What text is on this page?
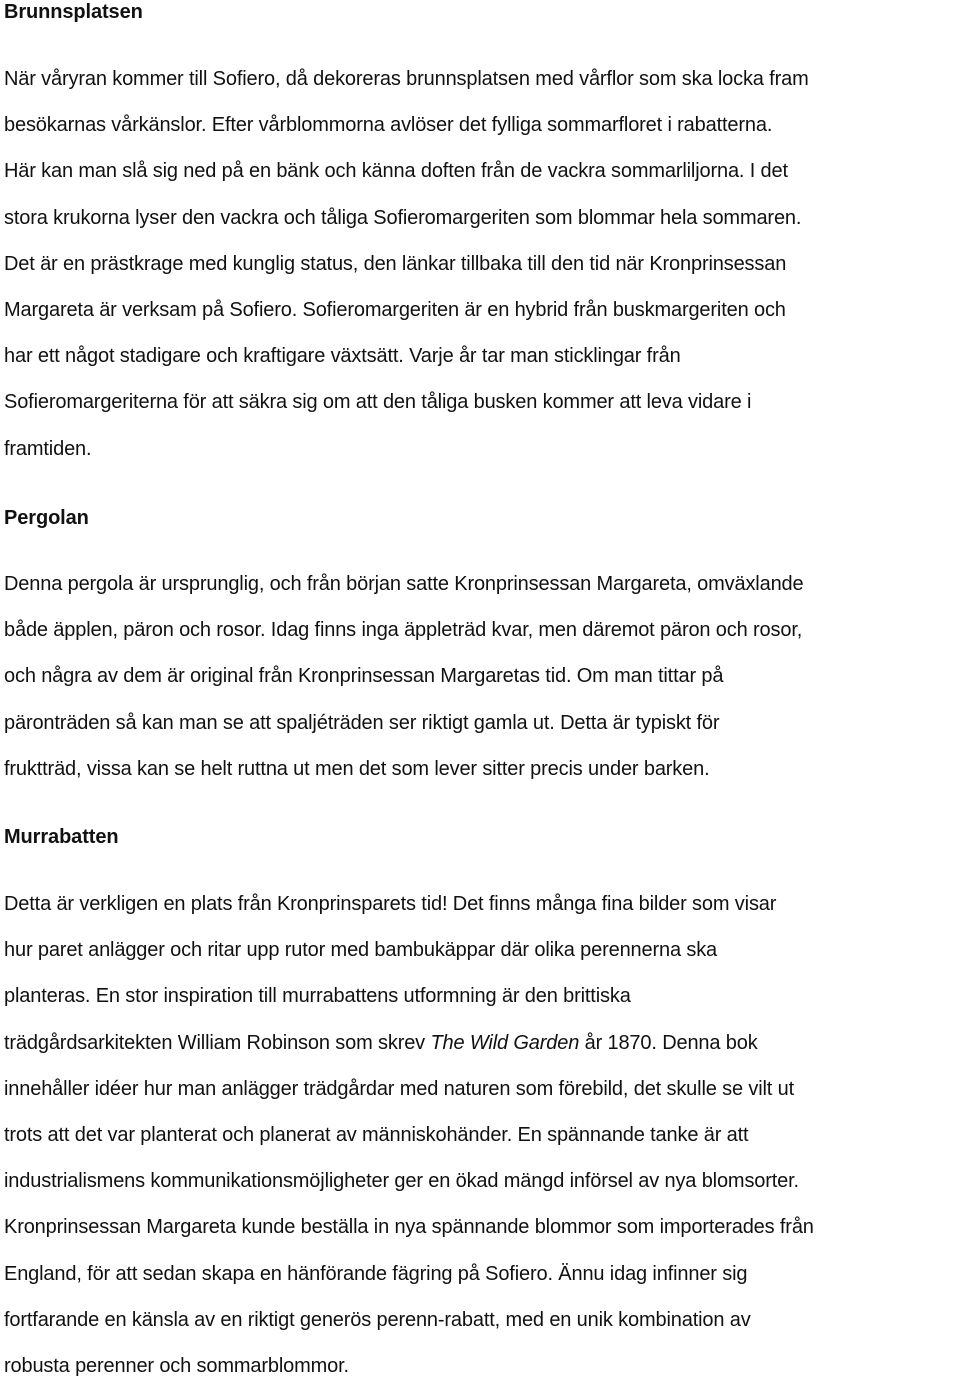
Brunnsplatsen
När våryran kommer till Sofiero, då dekoreras brunnsplatsen med vårflor som ska locka fram
besökarnas vårkänslor. Efter vårblommorna avlöser det fylliga sommarfloret i rabatterna.
Här kan man slå sig ned på en bänk och känna doften från de vackra sommarliljorna. I det
stora krukorna lyser den vackra och tåliga Sofieromargeriten som blommar hela sommaren.
Det är en prästkrage med kunglig status, den länkar tillbaka till den tid när Kronprinsessan
Margareta är verksam på Sofiero. Sofieromargeriten är en hybrid från buskmargeriten och
har ett något stadigare och kraftigare växtsätt. Varje år tar man sticklingar från
Sofieromargeriterna för att säkra sig om att den tåliga busken kommer att leva vidare i
framtiden.
Pergolan
Denna pergola är ursprunglig, och från början satte Kronprinsessan Margareta, omväxlande
både äpplen, päron och rosor. Idag finns inga äppleträd kvar, men däremot päron och rosor,
och några av dem är original från Kronprinsessan Margaretas tid. Om man tittar på
päronträden så kan man se att spaljéträden ser riktigt gamla ut. Detta är typiskt för
fruktträd, vissa kan se helt ruttna ut men det som lever sitter precis under barken.
Murrabatten
Detta är verkligen en plats från Kronprinsparets tid! Det finns många fina bilder som visar
hur paret anlägger och ritar upp rutor med bambukäppar där olika perennerna ska
planteras. En stor inspiration till murrabattens utformning är den brittiska
trädgårdsarkitekten William Robinson som skrev The Wild Garden år 1870. Denna bok
innehåller idéer hur man anlägger trädgårdar med naturen som förebild, det skulle se vilt ut
trots att det var planterat och planerat av människohänder. En spännande tanke är att
industrialismens kommunikationsmöjligheter ger en ökad mängd införsel av nya blomsorter.
Kronprinsessan Margareta kunde beställa in nya spännande blommor som importerades från
England, för att sedan skapa en hänförande fägring på Sofiero. Ännu idag infinner sig
fortfarande en känsla av en riktigt generös perenn-rabatt, med en unik kombination av
robusta perenner och sommarblommor.
